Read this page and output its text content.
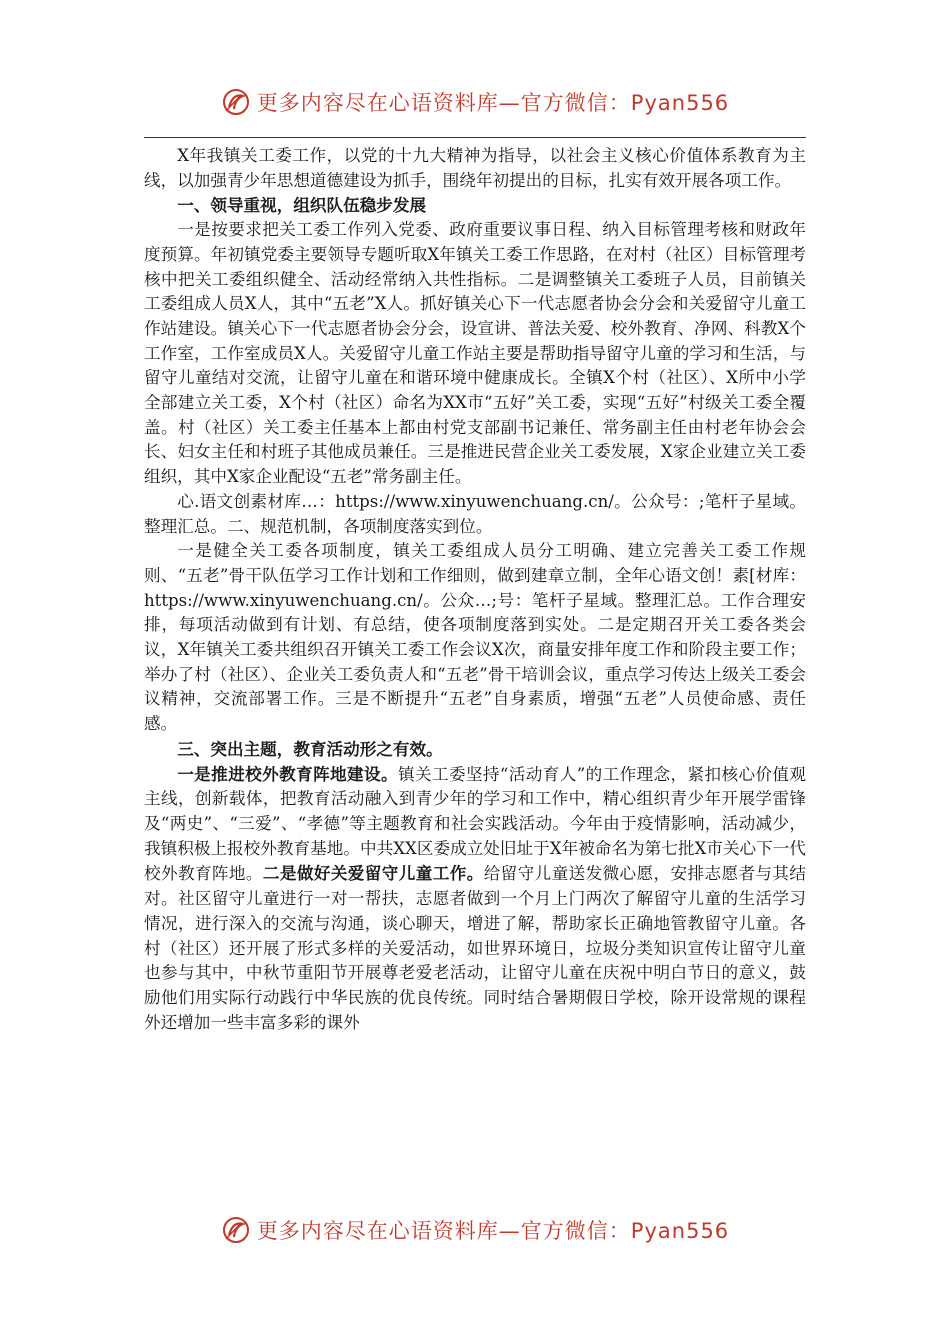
更多内容尽在心语资料库—官方微信：Pyan556

X年我镇关工委工作，以党的十九大精神为指导，以社会主义核心价值体系教育为主线，以加强青少年思想道德建设为抓手，围绕年初提出的目标，扎实有效开展各项工作。

一、领导重视，组织队伍稳步发展

一是按要求把关工委工作列入党委、政府重要议事日程、纳入目标管理考核和财政年度预算。年初镇党委主要领导专题听取X年镇关工委工作思路，在对村（社区）目标管理考核中把关工委组织健全、活动经常纳入共性指标。二是调整镇关工委班子人员，目前镇关工委组成人员X人，其中“五老”X人。抓好镇关心下一代志愿者协会分会和关爱留守儿童工作站建设。镇关心下一代志愿者协会分会，设宣讲、普法关爱、校外教育、净网、科教X个工作室，工作室成员X人。关爱留守儿童工作站主要是帮助指导留守儿童的学习和生活，与留守儿童结对交流，让留守儿童在和谐环境中健康成长。全镇X个村（社区）、X所中小学全部建立关工委，X个村（社区）命名为XX市“五好”关工委，实现“五好”村级关工委全覆盖。村（社区）关工委主任基本上都由村党支部副书记兼任、常务副主任由村老年协会会长、妇女主任和村班子其他成员兼任。三是推进民营企业关工委发展，X家企业建立关工委组织，其中X家企业配设“五老”常务副主任。

心.语文创素材库…：https://www.xinyuwenchuang.cn/。公众号：;笔杆子星域。整理汇总。二、规范机制，各项制度落实到位。

一是健全关工委各项制度，镇关工委组成人员分工明确、建立完善关工委工作规则、“五老”骨干队伍学习工作计划和工作细则，做到建章立制，全年心语文创！素[材库：https://www.xinyuwenchuang.cn/。公众…;号：笔杆子星域。整理汇总。工作合理安排，每项活动做到有计划、有总结，使各项制度落到实处。二是定期召开关工委各类会议，X年镇关工委共组织召开镇关工委工作会议X次，商量安排年度工作和阶段主要工作；举办了村（社区）、企业关工委负责人和“五老”骨干培训会议，重点学习传达上级关工委会议精神，交流部署工作。三是不断提升“五老”自身素质，增强“五老”人员使命感、责任感。

三、突出主题，教育活动形之有效。

一是推进校外教育阵地建设。镇关工委坚持“活动育人”的工作理念，紧扣核心价值观主线，创新载体，把教育活动融入到青少年的学习和工作中，精心组织青少年开展学雷锋及“两史”、“三爱”、“孝德”等主题教育和社会实践活动。今年由于疫情影响，活动减少，我镇积极上报校外教育基地。中共XX区委成立处旧址于X年被命名为第七批X市关心下一代校外教育阵地。二是做好关爱留守儿童工作。给留守儿童送发微心愿，安排志愿者与其结对。社区留守儿童进行一对一帮扶，志愿者做到一个月上门两次了解留守儿童的生活学习情况，进行深入的交流与沟通，谈心聊天，增进了解，帮助家长正确地管教留守儿童。各村（社区）还开展了形式多样的关爱活动，如世界环境日，垃圾分类知识宣传让留守儿童也参与其中，中秋节重阳节开展尊老爱老活动，让留守儿童在庆祝中明白节日的意义，鼓励他们用实际行动践行中华民族的优良传统。同时结合暑期假日学校，除开设常规的课程外还增加一些丰富多彩的课外

更多内容尽在心语资料库—官方微信：Pyan556
